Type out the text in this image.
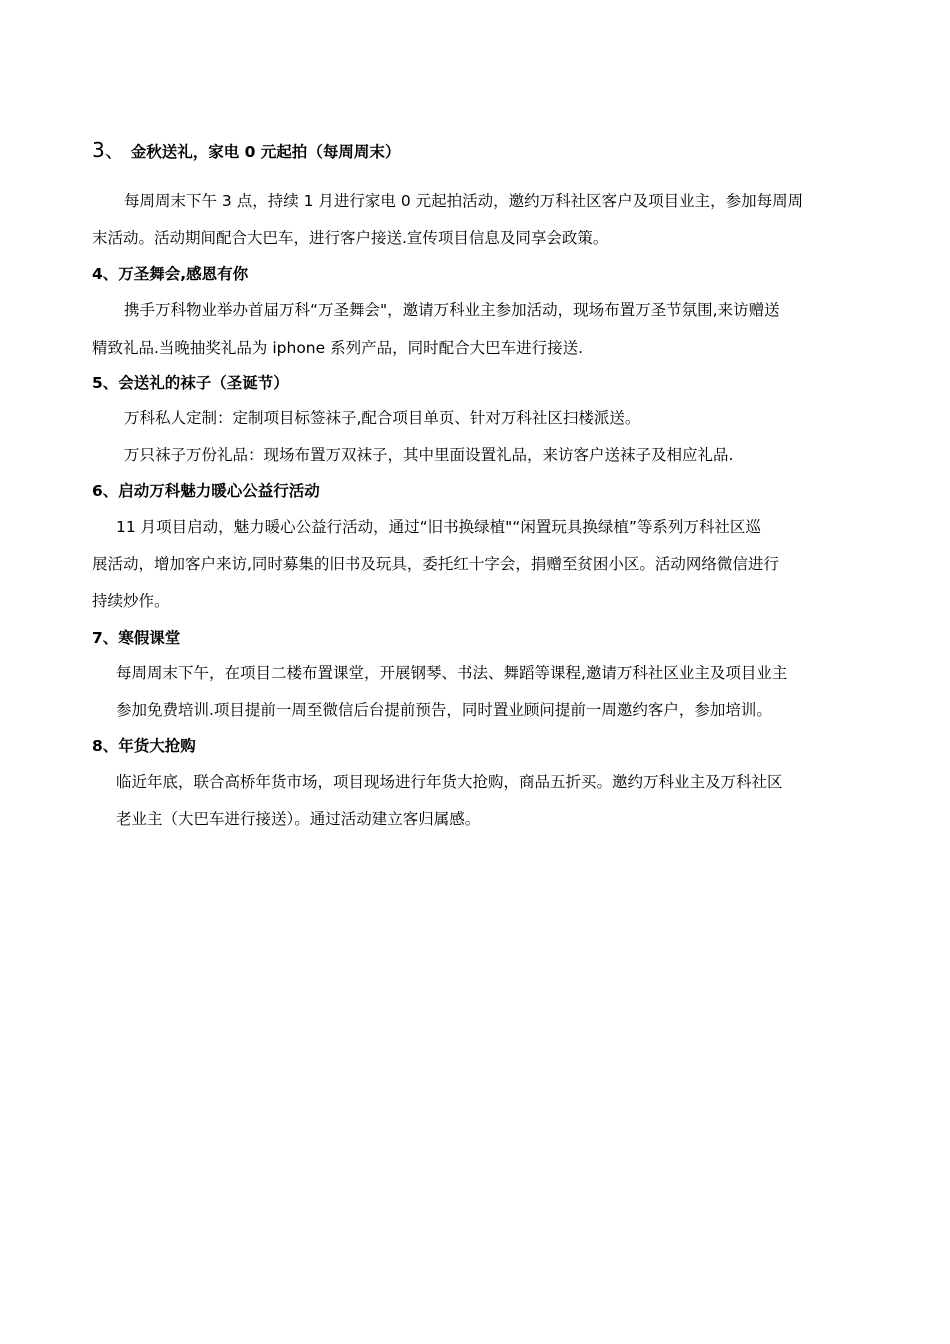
3、 金秋送礼，家电 0 元起拍（每周周末）
每周周末下午 3 点，持续 1 月进行家电 0 元起拍活动，邀约万科社区客户及项目业主，参加每周周
末活动。活动期间配合大巴车，进行客户接送.宣传项目信息及同享会政策。
4、万圣舞会,感恩有你
携手万科物业举办首届万科“万圣舞会"，邀请万科业主参加活动，现场布置万圣节氛围,来访赠送
精致礼品.当晚抽奖礼品为 iphone 系列产品，同时配合大巴车进行接送.
5、会送礼的袜子（圣诞节）
万科私人定制：定制项目标签袜子,配合项目单页、针对万科社区扫楼派送。
万只袜子万份礼品：现场布置万双袜子，其中里面设置礼品，来访客户送袜子及相应礼品.
6、启动万科魅力暖心公益行活动
11 月项目启动，魅力暖心公益行活动，通过“旧书换绿植"“闲置玩具换绿植”等系列万科社区巡
展活动，增加客户来访,同时募集的旧书及玩具，委托红十字会，捐赠至贫困小区。活动网络微信进行
持续炒作。
7、寒假课堂
每周周末下午，在项目二楼布置课堂，开展钢琴、书法、舞蹈等课程,邀请万科社区业主及项目业主
参加免费培训.项目提前一周至微信后台提前预告，同时置业顾问提前一周邀约客户，参加培训。
8、年货大抢购
临近年底，联合高桥年货市场，项目现场进行年货大抢购，商品五折买。邀约万科业主及万科社区
老业主（大巴车进行接送）。通过活动建立客归属感。
